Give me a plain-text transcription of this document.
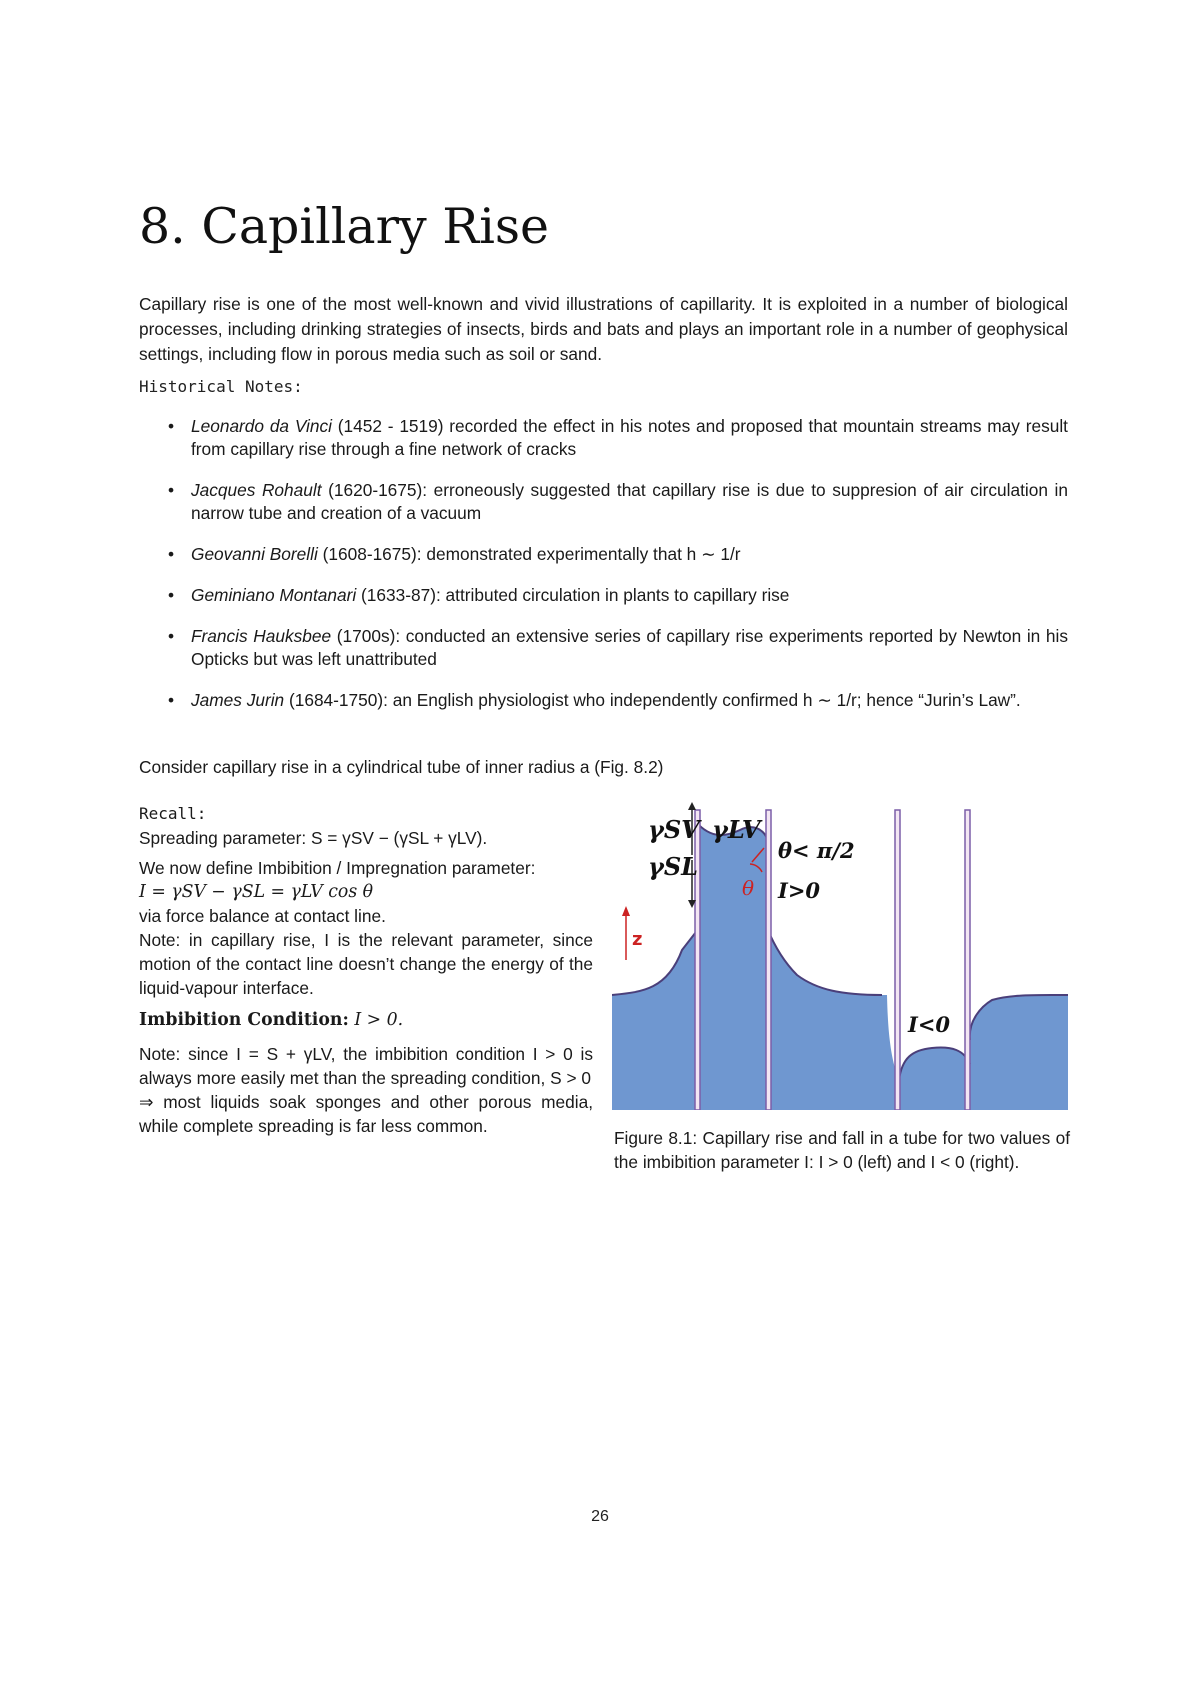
8. Capillary Rise

Capillary rise is one of the most well-known and vivid illustrations of capillarity. It is exploited in a number of biological processes, including drinking strategies of insects, birds and bats and plays an important role in a number of geophysical settings, including flow in porous media such as soil or sand.

Historical Notes:

• Leonardo da Vinci (1452 - 1519) recorded the effect in his notes and proposed that mountain streams may result from capillary rise through a fine network of cracks
• Jacques Rohault (1620-1675): erroneously suggested that capillary rise is due to suppresion of air circulation in narrow tube and creation of a vacuum
• Geovanni Borelli (1608-1675): demonstrated experimentally that h ∼ 1/r
• Geminiano Montanari (1633-87): attributed circulation in plants to capillary rise
• Francis Hauksbee (1700s): conducted an extensive series of capillary rise experiments reported by Newton in his Opticks but was left unattributed
• James Jurin (1684-1750): an English physiologist who independently confirmed h ∼ 1/r; hence “Jurin’s Law”.

Consider capillary rise in a cylindrical tube of inner radius a (Fig. 8.2)

Recall:

Spreading parameter: S = γSV − (γSL + γLV).

We now define Imbibition / Impregnation parameter:

I = γSV − γSL = γLV cos θ

via force balance at contact line.

Note: in capillary rise, I is the relevant parameter, since motion of the contact line doesn’t change the energy of the liquid-vapour interface.

Imbibition Condition: I > 0.

Note: since I = S + γLV, the imbibition condition I > 0 is always more easily met than the spreading condition, S > 0

⇒ most liquids soak sponges and other porous media, while complete spreading is far less common.

γSV
γSL
γLV
θ
θ< π/2
I>0
I<0
z

Figure 8.1: Capillary rise and fall in a tube for two values of the imbibition parameter I: I > 0 (left) and I < 0 (right).

26
